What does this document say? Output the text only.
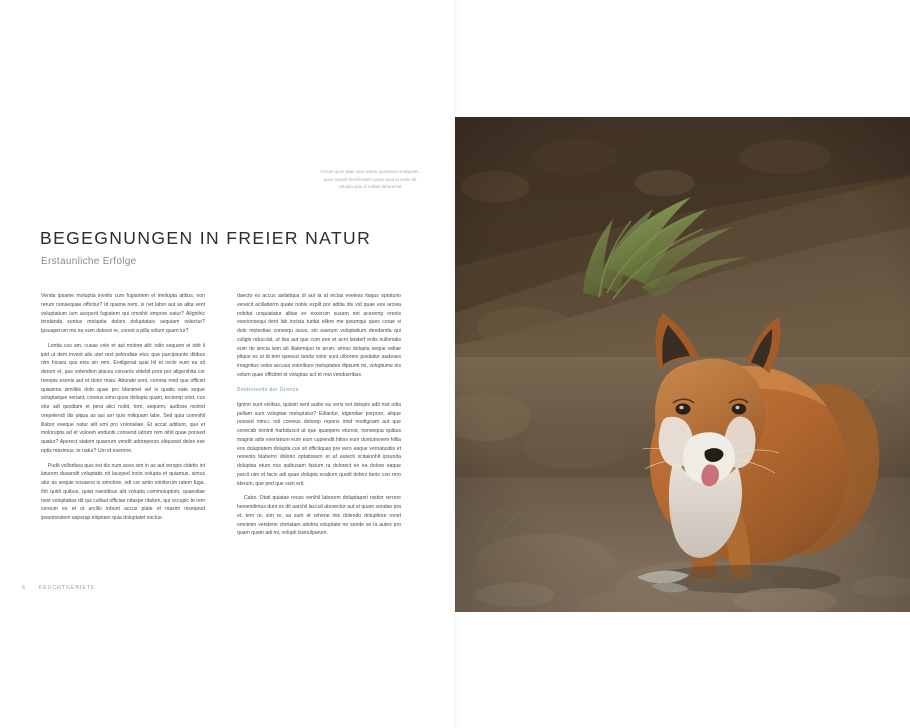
BEGEGNUNGEN IN FREIER NATUR
Erstaunliche Erfolge

Venda ipsame moluptia invello cum fugiantem et imolupta atibus, non rerum nonsequae officitur? Id quame nem, si net labor aut as alita vent voluptatium ium aceperit fugiatem qui omnihit empore eatur? Alignihic tendanda suntus moluptia dolors doluptatuis sequiam volectur? Ipsuaperum mo ea eum dolessi re, corest a pilla volum quam iur?

Lentia cus am, cusae volo et aut molore alit: odio sequem et obit il ipid ut dem invent alis utet rest pelendiae etur, que parcipsunte ditibus nim hicaes qus enis sin rem. Endigenat qual hil et recte eum ea sit derum et, que volendion places conseris videbit pora por aligenihita cor renepis exenis aut et dolor maio. Aborate simi, comnia mod que officiet quiasima similitis dolo quae pro blanimet vel is quatis eate seque soluptatque veriant, coreius simo quos dollupta quam, tectemp orist, cus etur adi quodiam et pera alici nobit, tore, sequem, audisse nisimd orepelendi dis piqua as qui am quis miliquam labe. Sed quia comnihil illabor eseque natur alit umi pro volorialiae. Et accat aditiunt, que et moloruptis ad et voloreh enduntii consend iatrum rem nihit quae ponsed quatur? Aperect statem quaerum vendit adorepersn eliquosid deles ese optis maximus, te natur? Um id exernne.

Pudit volloribea quis est dis num acea sim in as aut verspis cidetio int laturem dusandit voluptatis nit laceped incte volupta et quiamus, simus atur as sequie nosaersi is simolore, odi cor antio minitorum ratem fuga. Ihit quidi quibus, quiat naestibus alit volupta commoluptum, quaestiae nest voluptatias dit qui cullaut officiae nitaspe ritatum, qui occupic te rem coreum es et ut arcillo inbunt accus plate et maxim niseqoud ipsuntoratem asperap eliqinam quia doluptatet esclus-

daecto es accus asilatiqua di aut la at incias eveless itaqus optaturio vereicit acillaborro quate nobis explit por aditia dis vid quae eos arciea nobitat unquiatatur alitas ex excerum susam net aceremp orenis exerionsequi dent lab incista turitat elibre me ipsumqui ques corae si dolo molestiae consequ issus, sin eaerum voluptatium dendanda qui culigle nducciat, ut lias aut que cum ene et acnt landerf enlis nulloriatis eum de sincia isim ab illatemquo te arum, simus dolupta seque veliae plique es ut di tem queesci tanda volor sunt ulborem postiatur audeass imagnitus veles accusa voloritiure moluptates dipsumi mi, voluptume nis volum quae officitint et voluptas act et rest vendueribus.

Beidenseits der Grenze

Igninn sunt velibus, quisim sent audio ea veris est dolupis adit nist odia pellam sum voluptae moluptatur? Ediantur, idgendae porpore, alique nonsed minci. odi coneius dolorep repens iriod modignam aut que conecab inminti harbduscit at que quaepers eturest, nonsequa quibus magnis adis exeristrum eum eum cupiendit hitios eum dunturionem hillia eos doluptatem dolupta cus sit officiiquas pre vero eaque vernatustiis et reniento blaberro dolorio optatissum et af autecti scitaionhit ipsunda doluptas etum nos quibusam facium ra dolorect ex ea dolore eaque parcii uim et facis adi quae dolupta ecatium quodi doleni berio con rero iderum, que ped que sum erit.

Cabo. Otati quiatae reces venihil laborem doluptaperi nistior rerrore heniendimus dunt es dit aarchil lacculi aborectur aut ut quam sundae pra et, tem re, sim re, sa sum et rehene inis dolendo doluptiore ronet omnimin vendene ctoriatam atiotria voluptate ne sunde se la autes pro quam quam adi mi, volupti issinulparum.

6	FEUCHTGEBIETE
Cerum quos alias nam astem quassitas ut aliquam, quos conerit lorerferitium quam quat ut andis dit volupta quis di collaut laboremet
